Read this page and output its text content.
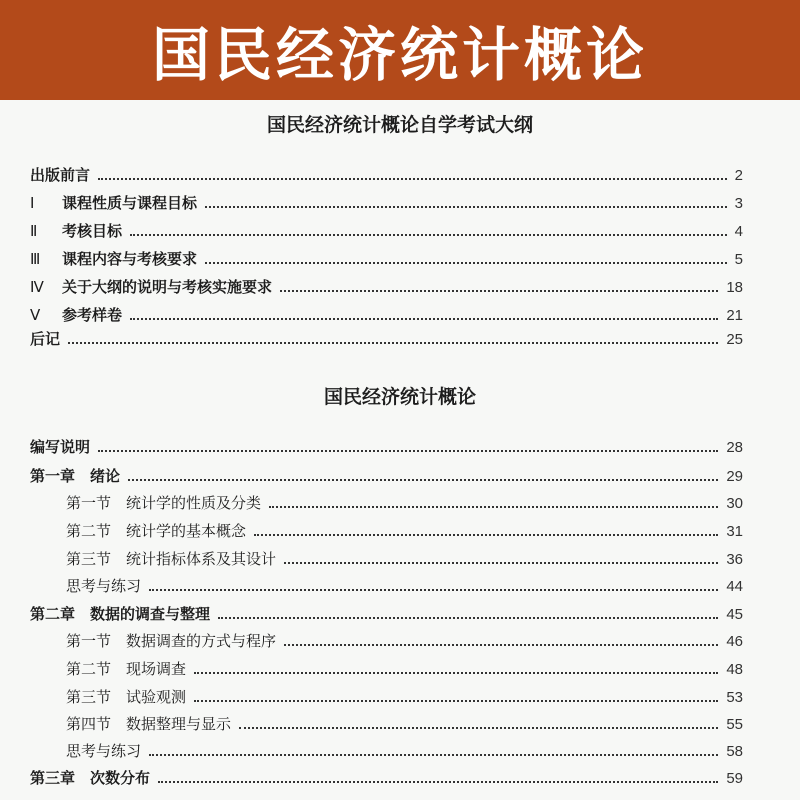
国民经济统计概论
国民经济统计概论自学考试大纲
出版前言	2
Ⅰ	课程性质与课程目标	3
Ⅱ	考核目标	4
Ⅲ	课程内容与考核要求	5
Ⅳ	关于大纲的说明与考核实施要求	18
Ⅴ	参考样卷	21
后记	25
国民经济统计概论
编写说明	28
第一章　绪论	29
第一节　统计学的性质及分类	30
第二节　统计学的基本概念	31
第三节　统计指标体系及其设计	36
思考与练习	44
第二章　数据的调查与整理	45
第一节　数据调查的方式与程序	46
第二节　现场调查	48
第三节　试验观测	53
第四节　数据整理与显示	55
思考与练习	58
第三章　次数分布	59
